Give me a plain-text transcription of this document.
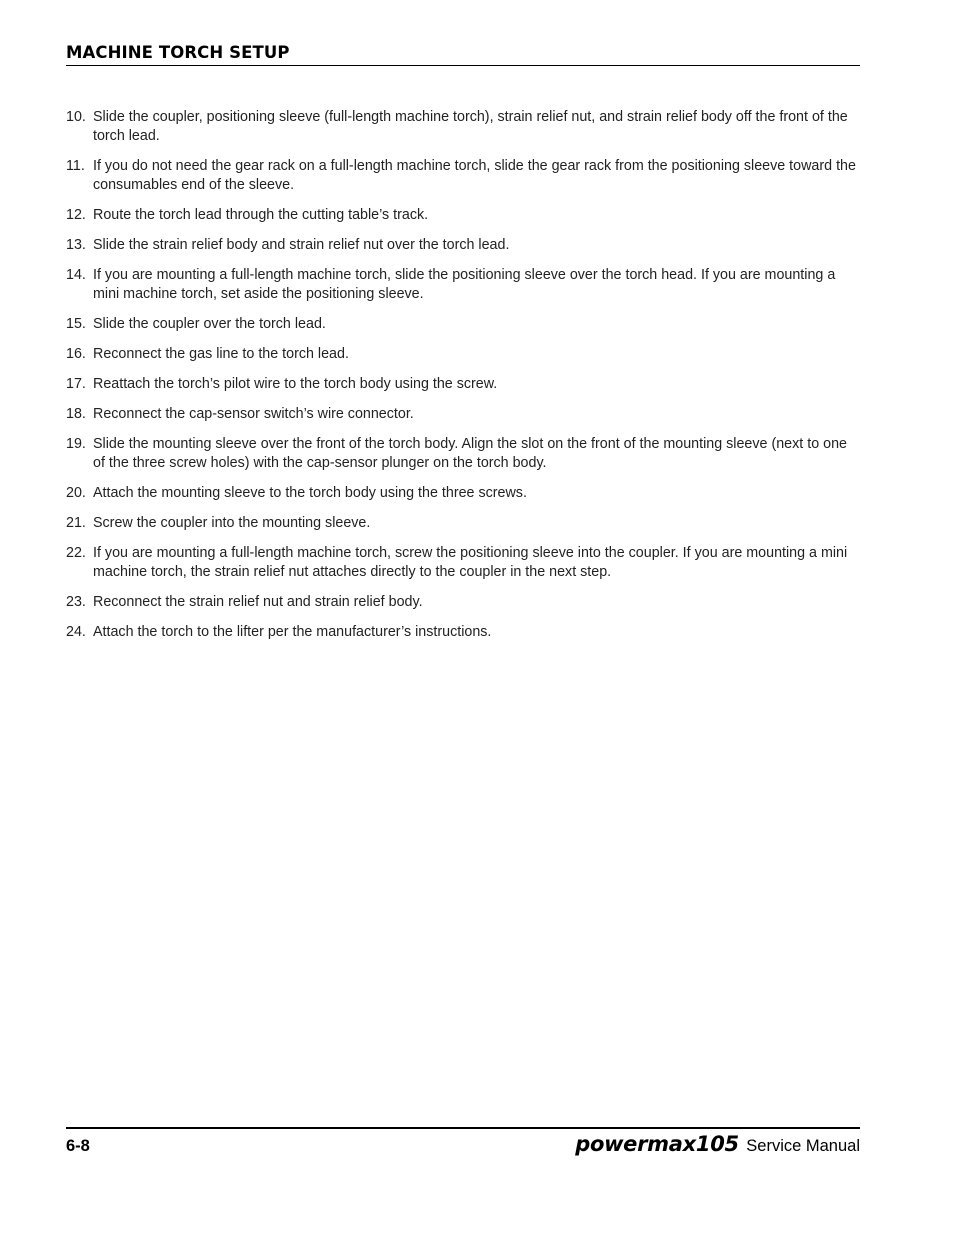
MACHINE TORCH SETUP
10. Slide the coupler, positioning sleeve (full-length machine torch), strain relief nut, and strain relief body off the front of the torch lead.
11. If you do not need the gear rack on a full-length machine torch, slide the gear rack from the positioning sleeve toward the consumables end of the sleeve.
12. Route the torch lead through the cutting table’s track.
13. Slide the strain relief body and strain relief nut over the torch lead.
14. If you are mounting a full-length machine torch, slide the positioning sleeve over the torch head. If you are mounting a mini machine torch, set aside the positioning sleeve.
15. Slide the coupler over the torch lead.
16. Reconnect the gas line to the torch lead.
17. Reattach the torch’s pilot wire to the torch body using the screw.
18. Reconnect the cap-sensor switch’s wire connector.
19. Slide the mounting sleeve over the front of the torch body. Align the slot on the front of the mounting sleeve (next to one of the three screw holes) with the cap-sensor plunger on the torch body.
20. Attach the mounting sleeve to the torch body using the three screws.
21. Screw the coupler into the mounting sleeve.
22. If you are mounting a full-length machine torch, screw the positioning sleeve into the coupler. If you are mounting a mini machine torch, the strain relief nut attaches directly to the coupler in the next step.
23. Reconnect the strain relief nut and strain relief body.
24. Attach the torch to the lifter per the manufacturer’s instructions.
6-8	powermax105 Service Manual
